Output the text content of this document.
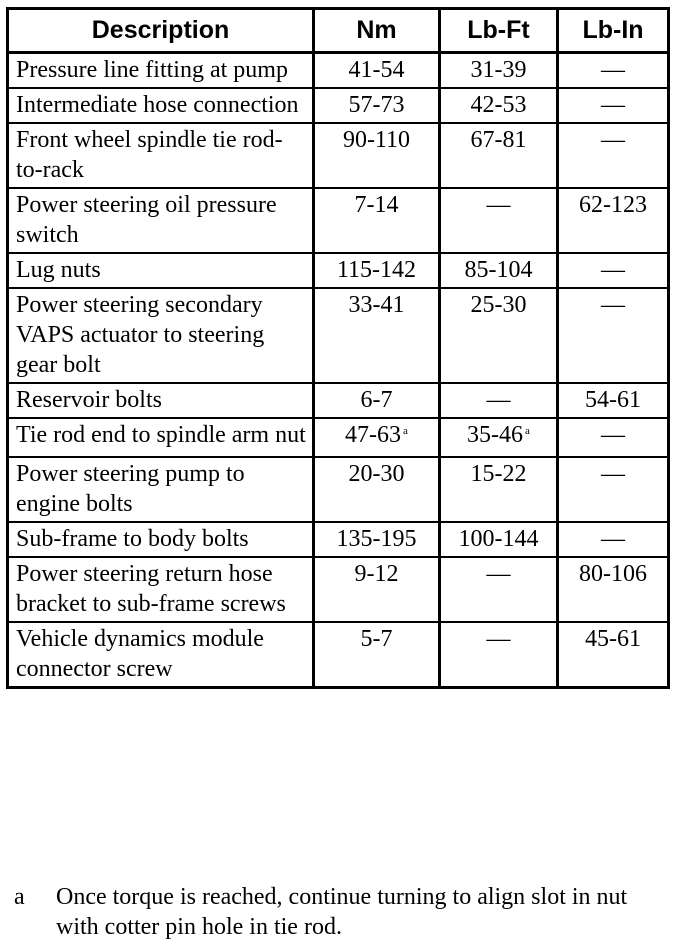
Description	Nm	Lb-Ft	Lb-In
Pressure line fitting at pump	41-54	31-39	—
Intermediate hose connection	57-73	42-53	—
Front wheel spindle tie rod-to-rack	90-110	67-81	—
Power steering oil pressure switch	7-14	—	62-123
Lug nuts	115-142	85-104	—
Power steering secondary VAPS actuator to steering gear bolt	33-41	25-30	—
Reservoir bolts	6-7	—	54-61
Tie rod end to spindle arm nut	47-63 $^a$	35-46 $^a$	—
Power steering pump to engine bolts	20-30	15-22	—
Sub-frame to body bolts	135-195	100-144	—
Power steering return hose bracket to sub-frame screws	9-12	—	80-106
Vehicle dynamics module connector screw	5-7	—	45-61
a Once torque is reached, continue turning to align slot in nut with cotter pin hole in tie rod.
